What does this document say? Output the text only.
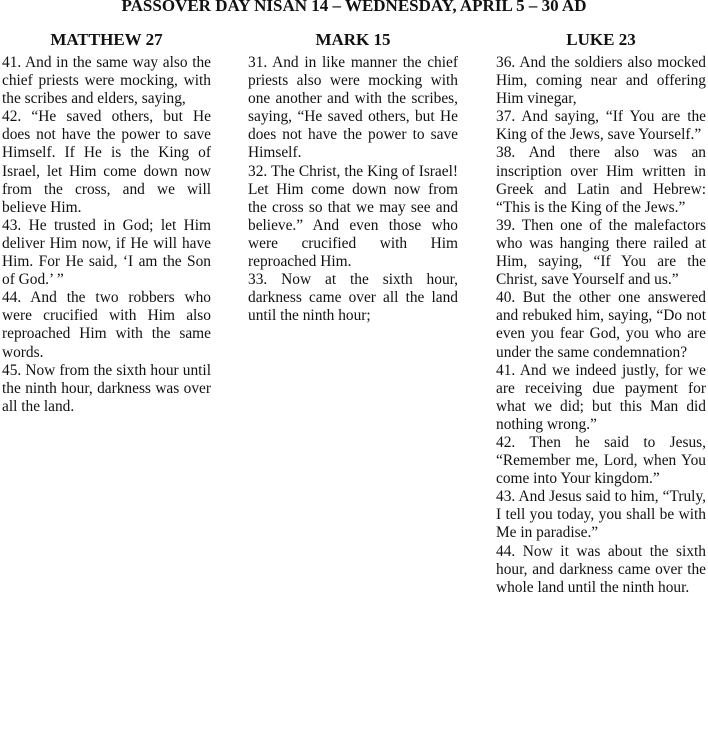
PASSOVER DAY NISAN 14 – WEDNESDAY, APRIL 5 – 30 AD
MATTHEW 27

41. And in the same way also the chief priests were mocking, with the scribes and elders, saying,

42. “He saved others, but He does not have the power to save Himself. If He is the King of Israel, let Him come down now from the cross, and we will believe Him.

43. He trusted in God; let Him deliver Him now, if He will have Him. For He said, ‘I am the Son of God.’ ”

44. And the two robbers who were crucified with Him also reproached Him with the same words.

45. Now from the sixth hour until the ninth hour, darkness was over all the land.

MARK 15

31. And in like manner the chief priests also were mocking with one another and with the scribes, saying, “He saved others, but He does not have the power to save Himself.

32. The Christ, the King of Israel! Let Him come down now from the cross so that we may see and believe.” And even those who were crucified with Him reproached Him.

33. Now at the sixth hour, darkness came over all the land until the ninth hour;

LUKE 23

36. And the soldiers also mocked Him, coming near and offering Him vinegar,

37. And saying, “If You are the King of the Jews, save Yourself.”

38. And there also was an inscription over Him written in Greek and Latin and Hebrew: “This is the King of the Jews.”

39. Then one of the malefactors who was hanging there railed at Him, saying, “If You are the Christ, save Yourself and us.”

40. But the other one answered and rebuked him, saying, “Do not even you fear God, you who are under the same condemnation?

41. And we indeed justly, for we are receiving due payment for what we did; but this Man did nothing wrong.”

42. Then he said to Jesus, “Remember me, Lord, when You come into Your kingdom.”

43. And Jesus said to him, “Truly, I tell you today, you shall be with Me in paradise.”

44. Now it was about the sixth hour, and darkness came over the whole land until the ninth hour.
